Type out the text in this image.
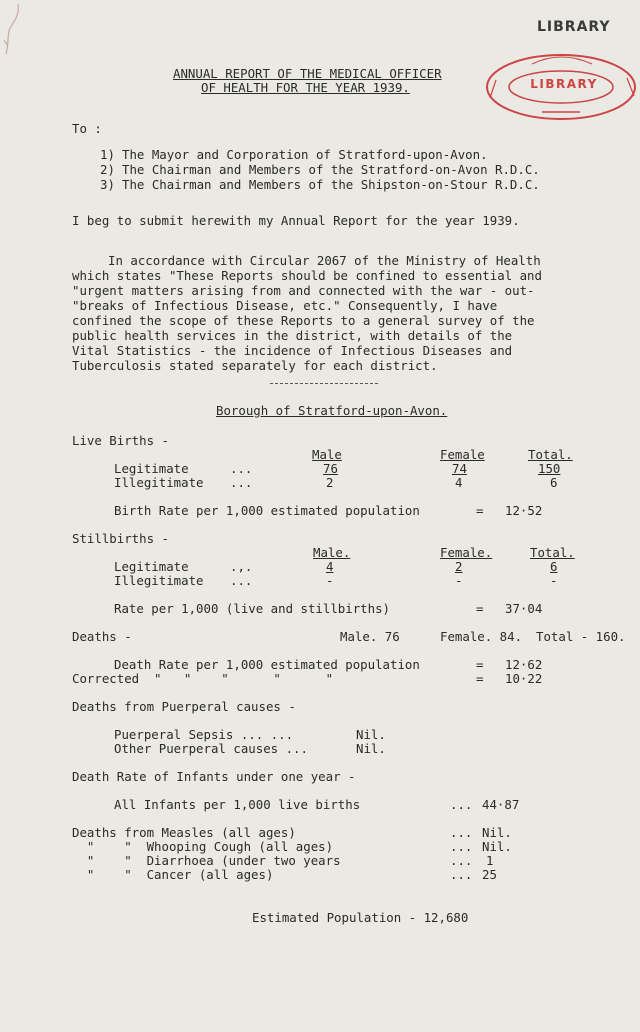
LIBRARY
LIBRARY
ANNUAL REPORT OF THE MEDICAL OFFICER
OF HEALTH FOR THE YEAR 1939.
To :
1) The Mayor and Corporation of Stratford-upon-Avon.
2) The Chairman and Members of the Stratford-on-Avon R.D.C.
3) The Chairman and Members of the Shipston-on-Stour R.D.C.
I beg to submit herewith my Annual Report for the year 1939.
In accordance with Circular 2067 of the Ministry of Health
which states "These Reports should be confined to essential and
"urgent matters arising from and connected with the war - out-
"breaks of Infectious Disease, etc." Consequently, I have
confined the scope of these Reports to a general survey of the
public health services in the district, with details of the
Vital Statistics - the incidence of Infectious Diseases and
Tuberculosis stated separately for each district.
Borough of Stratford-upon-Avon.
Live Births -
Male	Female	Total.
Legitimate	...	76	74	150
Illegitimate ...	2	4	6
Birth Rate per 1,000 estimated population	= 12·52
Stillbirths -
Male.	Female.	Total.
Legitimate	.,.	4	2	6
Illegitimate ...	-	-	-
Rate per 1,000 (live and stillbirths)	= 37·04
Deaths -	Male. 76	Female. 84. Total - 160.
Death Rate per 1,000 estimated population	= 12·62
Corrected  "   "    "      "      "	= 10·22
Deaths from Puerperal causes -
Puerperal Sepsis ... ...	Nil.
Other Puerperal causes ...	Nil.
Death Rate of Infants under one year -
All Infants per 1,000 live births	... 44·87
Deaths from Measles (all ages)	... Nil.
"    "  Whooping Cough (all ages)	... Nil.
"    "  Diarrhoea (under two years	... 1
"    "  Cancer (all ages)	... 25
Estimated Population - 12,680
